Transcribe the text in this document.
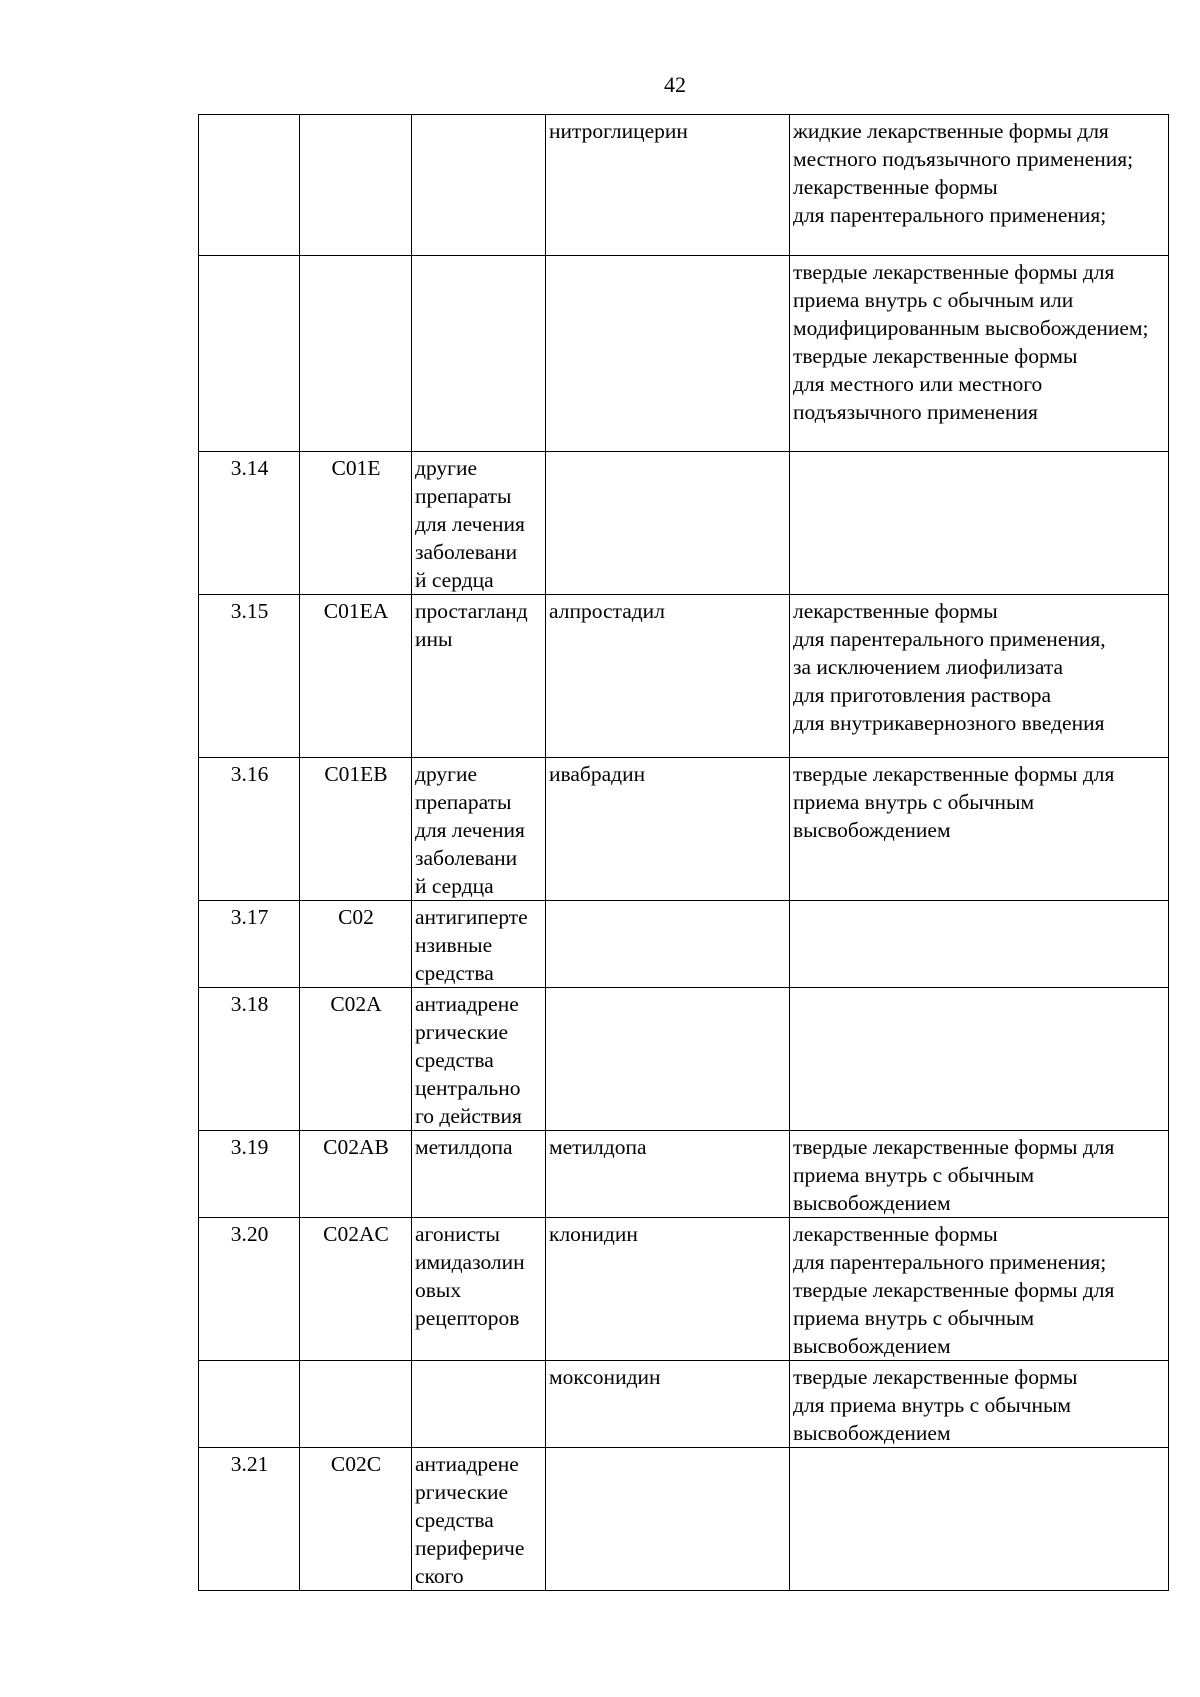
42
			нитроглицерин	жидкие лекарственные формы для местного подъязычного применения;
лекарственные формы
для парентерального применения;

				твердые лекарственные формы для приема внутрь с обычным или модифицированным высвобождением; твердые лекарственные формы
для местного или местного подъязычного применения

3.14	C01E	другие
препараты
для лечения
заболевани
й сердца		

3.15	C01EA	простагланд
ины	алпростадил	лекарственные формы
для парентерального применения,
за исключением лиофилизата
для приготовления раствора
для внутрикавернозного введения

3.16	C01EB	другие
препараты
для лечения
заболевани
й сердца	ивабрадин	твердые лекарственные формы для приема внутрь с обычным высвобождением

3.17	C02	антигиперте
нзивные
средства		

3.18	C02A	антиадрене
ргические
средства
центрально
го действия		

3.19	C02AB	метилдопа	метилдопа	твердые лекарственные формы для приема внутрь с обычным высвобождением

3.20	C02AC	агонисты
имидазолин
овых
рецепторов	клонидин	лекарственные формы
для парентерального применения;
твердые лекарственные формы для приема внутрь с обычным высвобождением

			моксонидин	твердые лекарственные формы
для приема внутрь с обычным высвобождением

3.21	C02C	антиадрене
ргические
средства
перифериче
ского		
